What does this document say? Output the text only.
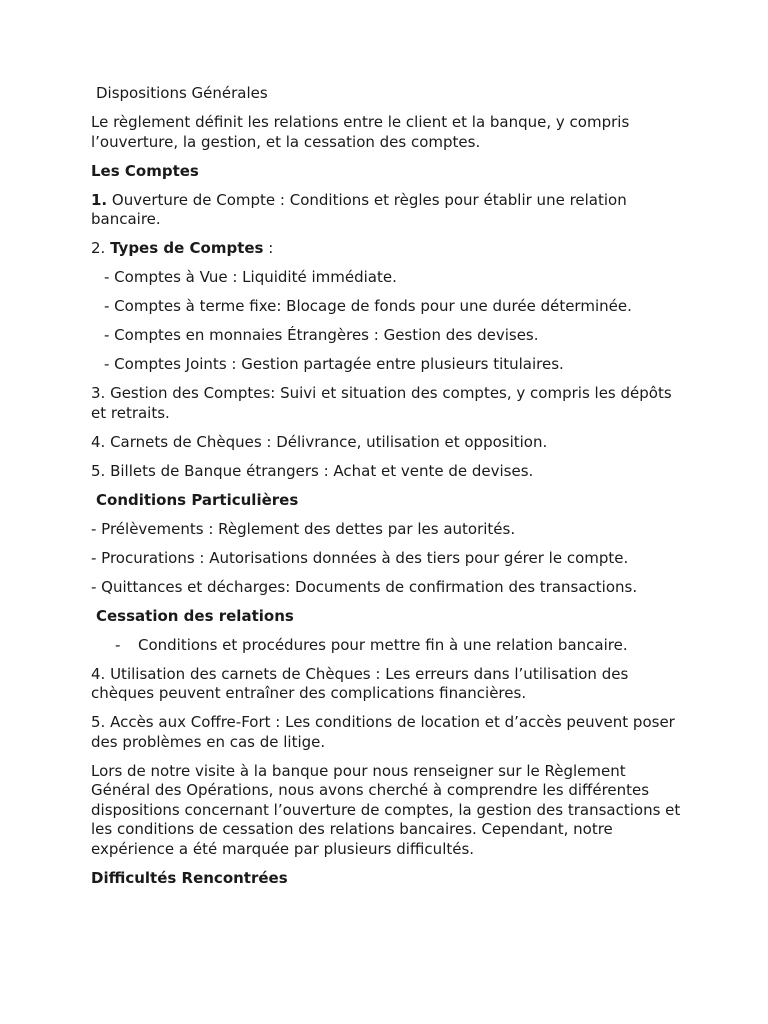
Dispositions Générales

Le règlement définit les relations entre le client et la banque, y compris l’ouverture, la gestion, et la cessation des comptes.

Les Comptes

1. Ouverture de Compte : Conditions et règles pour établir une relation bancaire.

2. Types de Comptes :

- Comptes à Vue : Liquidité immédiate.

- Comptes à terme fixe: Blocage de fonds pour une durée déterminée.

- Comptes en monnaies Étrangères : Gestion des devises.

- Comptes Joints : Gestion partagée entre plusieurs titulaires.

3. Gestion des Comptes: Suivi et situation des comptes, y compris les dépôts et retraits.

4. Carnets de Chèques : Délivrance, utilisation et opposition.

5. Billets de Banque étrangers : Achat et vente de devises.

Conditions Particulières

- Prélèvements : Règlement des dettes par les autorités.

- Procurations : Autorisations données à des tiers pour gérer le compte.

- Quittances et décharges: Documents de confirmation des transactions.

Cessation des relations

-	Conditions et procédures pour mettre fin à une relation bancaire.

4. Utilisation des carnets de Chèques : Les erreurs dans l’utilisation des chèques peuvent entraîner des complications financières.

5. Accès aux Coffre-Fort : Les conditions de location et d’accès peuvent poser des problèmes en cas de litige.

Lors de notre visite à la banque pour nous renseigner sur le Règlement Général des Opérations, nous avons cherché à comprendre les différentes dispositions concernant l’ouverture de comptes, la gestion des transactions et les conditions de cessation des relations bancaires. Cependant, notre expérience a été marquée par plusieurs difficultés.

Difficultés Rencontrées
